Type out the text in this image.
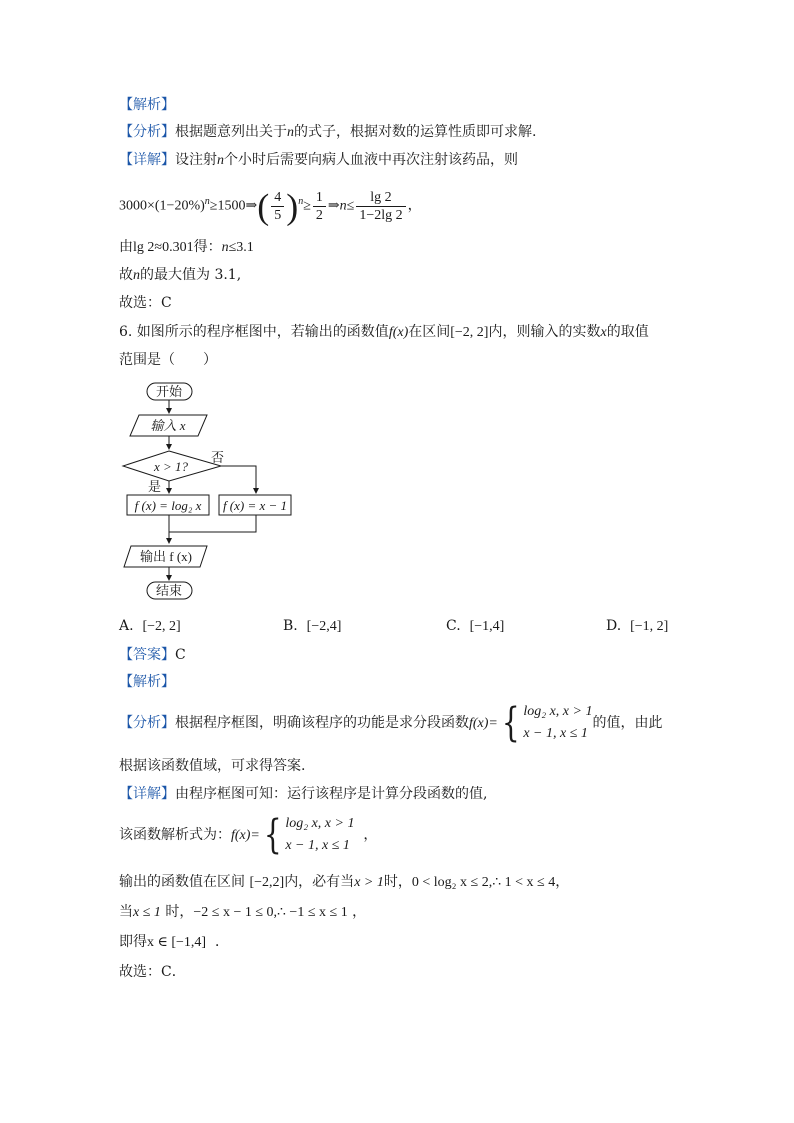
【解析】
【分析】根据题意列出关于n的式子，根据对数的运算性质即可求解.
【详解】设注射n个小时后需要向病人血液中再次注射该药品，则
$3000\times(1-20\%)^n\ge 1500\Rightarrow( \frac{4}{5} )^n\ge \frac{1}{2}$ ⇒n≤ $\frac{\lg 2}{1-2\lg 2}$ ，
由lg 2≈0.301得：n≤3.1
故n的最大值为 3.1,
故选：C
6. 如图所示的程序框图中，若输出的函数值f(x)在区间[−2, 2]内，则输入的实数x的取值
范围是（　　）
开始
输入 x
x > 1?
否
是
f (x) = log₂ x f (x) = x − 1
输出 f (x)
结束
A. [−2, 2]	B. [−2,4]	C. [−1,4]	D. [−1, 2]
【答案】C
【解析】
【分析】根据程序框图，明确该程序的功能是求分段函数f(x)={ log₂ x, x > 1
x − 1, x ≤ 1
的值，由此
根据该函数值域，可求得答案.
【详解】由程序框图可知：运行该程序是计算分段函数的值,
该函数解析式为：f(x)={ log₂ x, x > 1
x − 1, x ≤ 1
，
输出的函数值在区间 [−2,2]内，必有当x > 1时，0 < log₂ x ≤ 2,∴ 1 < x ≤ 4，
当x ≤ 1 时，−2 ≤ x − 1 ≤ 0,∴ −1 ≤ x ≤ 1 ，
即得x ∈ [−1,4] ．
故选：C．
